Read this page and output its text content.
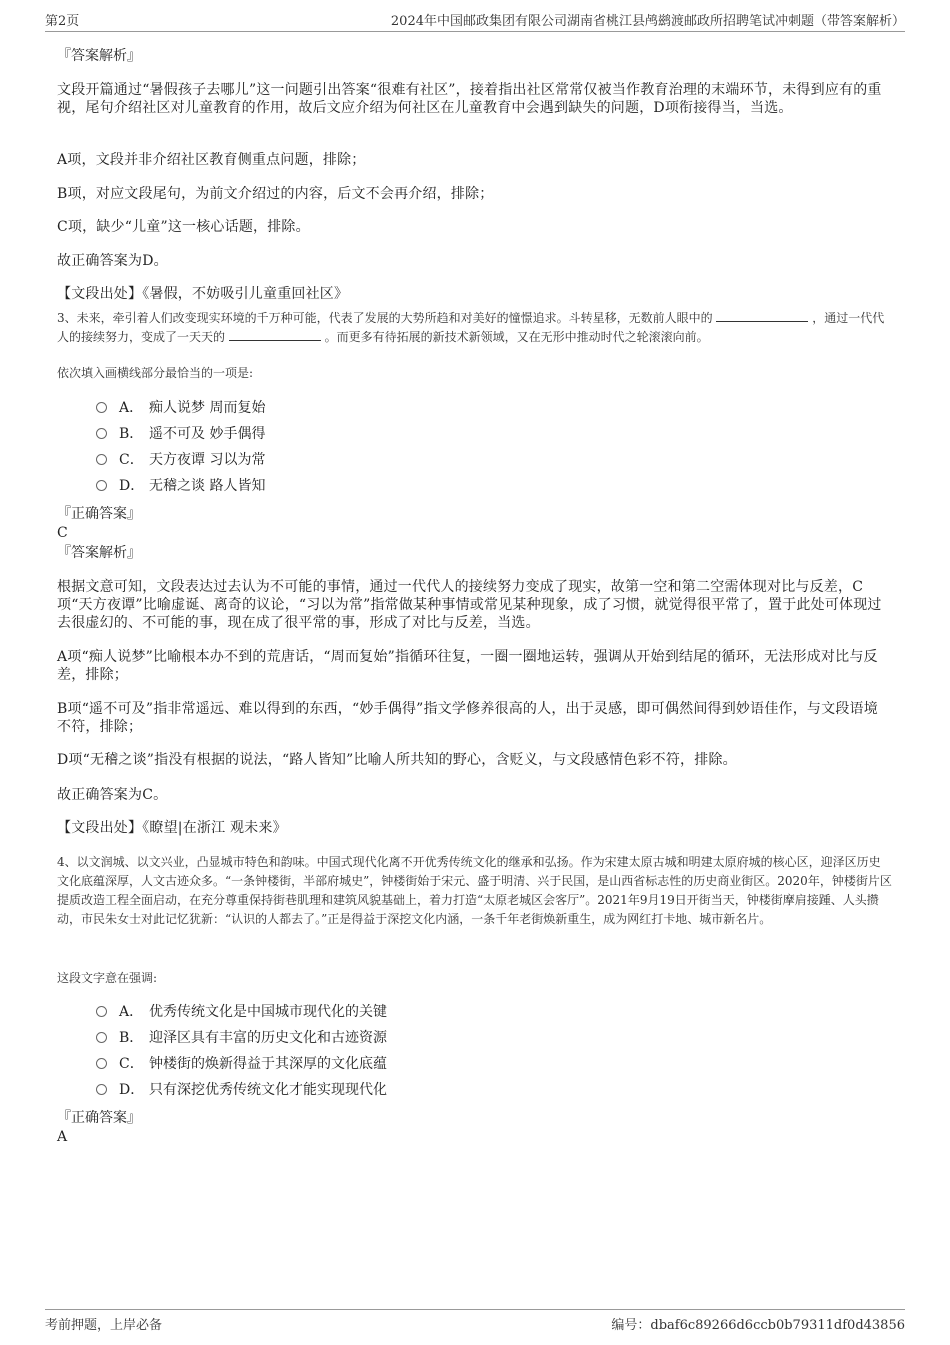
第2页	2024年中国邮政集团有限公司湖南省桃江县鸬鹚渡邮政所招聘笔试冲刺题（带答案解析）
『答案解析』
文段开篇通过“暑假孩子去哪儿”这一问题引出答案“很难有社区”，接着指出社区常常仅被当作教育治理的末端环节，未得到应有的重视，尾句介绍社区对儿童教育的作用，故后文应介绍为何社区在儿童教育中会遇到缺失的问题，D项衔接得当，当选。
A项，文段并非介绍社区教育侧重点问题，排除；
B项，对应文段尾句，为前文介绍过的内容，后文不会再介绍，排除；
C项，缺少“儿童”这一核心话题，排除。
故正确答案为D。
【文段出处】《暑假，不妨吸引儿童重回社区》
3、未来，牵引着人们改变现实环境的千万种可能，代表了发展的大势所趋和对美好的憧憬追求。斗转星移，无数前人眼中的	，通过一代代人的接续努力，变成了一天天的	。而更多有待拓展的新技术新领域，又在无形中推动时代之轮滚滚向前。
依次填入画横线部分最恰当的一项是:
A． 痴人说梦 周而复始
B． 遥不可及 妙手偶得
C． 天方夜谭 习以为常
D． 无稽之谈 路人皆知
『正确答案』
C
『答案解析』
根据文意可知，文段表达过去认为不可能的事情，通过一代代人的接续努力变成了现实，故第一空和第二空需体现对比与反差，C项“天方夜谭”比喻虚诞、离奇的议论，“习以为常”指常做某种事情或常见某种现象，成了习惯，就觉得很平常了，置于此处可体现过去很虚幻的、不可能的事，现在成了很平常的事，形成了对比与反差，当选。
A项“痴人说梦”比喻根本办不到的荒唐话，“周而复始”指循环往复，一圈一圈地运转，强调从开始到结尾的循环，无法形成对比与反差，排除；
B项“遥不可及”指非常遥远、难以得到的东西，“妙手偶得”指文学修养很高的人，出于灵感，即可偶然间得到妙语佳作，与文段语境不符，排除；
D项“无稽之谈”指没有根据的说法，“路人皆知”比喻人所共知的野心，含贬义，与文段感情色彩不符，排除。
故正确答案为C。
【文段出处】《瞭望|在浙江 观未来》
4、以文润城、以文兴业，凸显城市特色和韵味。中国式现代化离不开优秀传统文化的继承和弘扬。作为宋建太原古城和明建太原府城的核心区，迎泽区历史文化底蕴深厚，人文古迹众多。“一条钟楼街，半部府城史”，钟楼街始于宋元、盛于明清、兴于民国，是山西省标志性的历史商业街区。2020年，钟楼街片区提质改造工程全面启动，在充分尊重保持街巷肌理和建筑风貌基础上，着力打造“太原老城区会客厅”。2021年9月19日开街当天，钟楼街摩肩接踵、人头攒动，市民朱女士对此记忆犹新：“认识的人都去了。”正是得益于深挖文化内涵，一条千年老街焕新重生，成为网红打卡地、城市新名片。
这段文字意在强调:
A． 优秀传统文化是中国城市现代化的关键
B． 迎泽区具有丰富的历史文化和古迹资源
C． 钟楼街的焕新得益于其深厚的文化底蕴
D． 只有深挖优秀传统文化才能实现现代化
『正确答案』
A
考前押题，上岸必备	编号：dbaf6c89266d6ccb0b79311df0d43856
